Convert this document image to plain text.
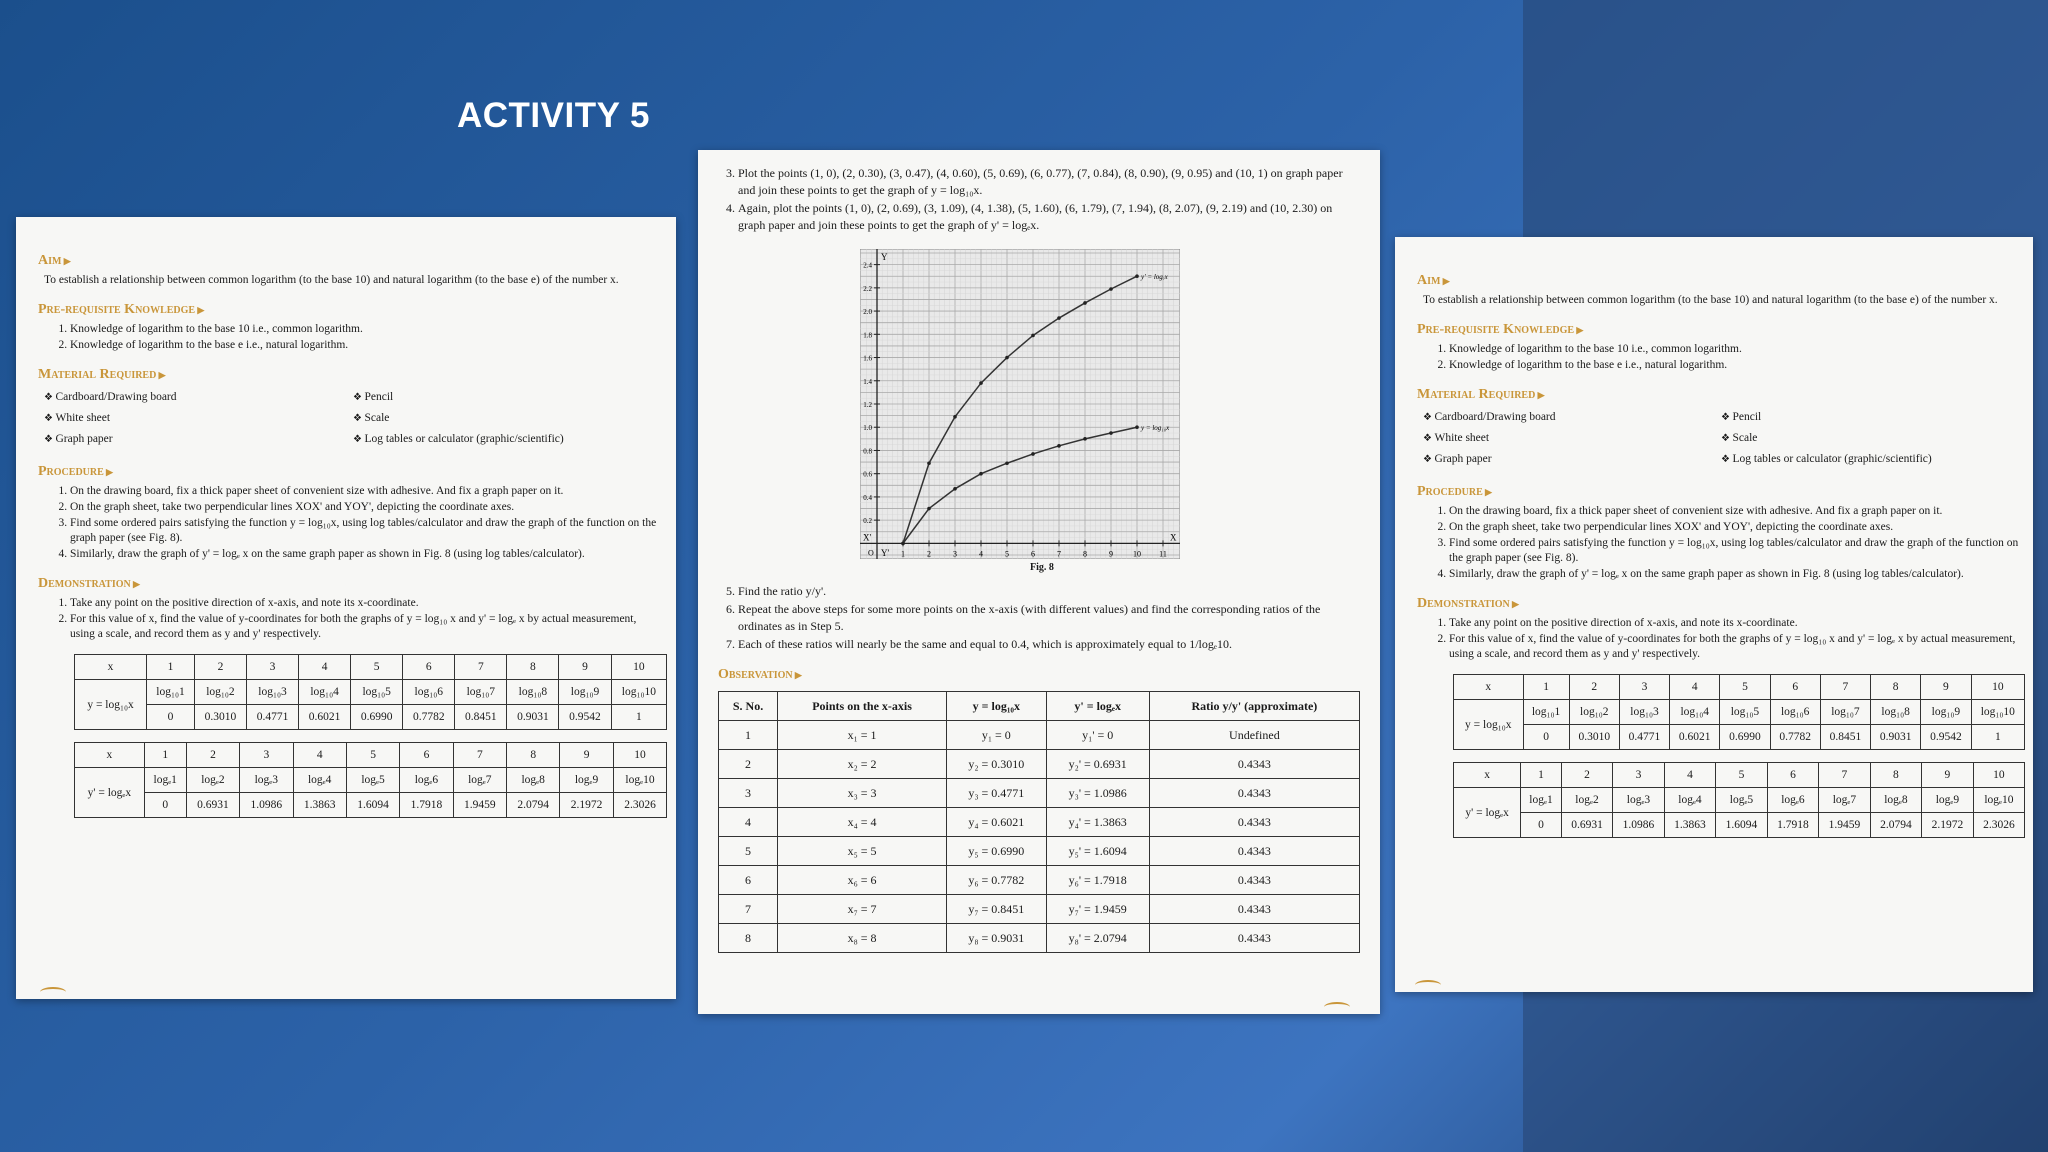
ACTIVITY 5
Aim ▶
To establish a relationship between common logarithm (to the base 10) and natural logarithm (to the base e) of the number x.
Pre-requisite Knowledge ▶
1. Knowledge of logarithm to the base 10 i.e., common logarithm.
2. Knowledge of logarithm to the base e i.e., natural logarithm.
Material Required ▶
❖ Cardboard/Drawing board	❖ Pencil
❖ White sheet	❖ Scale
❖ Graph paper	❖ Log tables or calculator (graphic/scientific)
Procedure ▶
1. On the drawing board, fix a thick paper sheet of convenient size with adhesive. And fix a graph paper on it.
2. On the graph sheet, take two perpendicular lines XOX' and YOY', depicting the coordinate axes.
3. Find some ordered pairs satisfying the function y = log₁₀x, using log tables/calculator and draw the graph of the function on the graph paper (see Fig. 8).
4. Similarly, draw the graph of y' = logₑ x on the same graph paper as shown in Fig. 8 (using log tables/calculator).
Demonstration ▶
1. Take any point on the positive direction of x-axis, and note its x-coordinate.
2. For this value of x, find the value of y-coordinates for both the graphs of y = log₁₀ x and y' = logₑ x by actual measurement, using a scale, and record them as y and y' respectively.
x	1	2	3	4	5	6	7	8	9	10
y = log₁₀x	log₁₀1	log₁₀2	log₁₀3	log₁₀4	log₁₀5	log₁₀6	log₁₀7	log₁₀8	log₁₀9	log₁₀10
	0	0.3010	0.4771	0.6021	0.6990	0.7782	0.8451	0.9031	0.9542	1
x	1	2	3	4	5	6	7	8	9	10
y' = logₑx	logₑ1	logₑ2	logₑ3	logₑ4	logₑ5	logₑ6	logₑ7	logₑ8	logₑ9	logₑ10
	0	0.6931	1.0986	1.3863	1.6094	1.7918	1.9459	2.0794	2.1972	2.3026
3. Plot the points (1, 0), (2, 0.30), (3, 0.47), (4, 0.60), (5, 0.69), (6, 0.77), (7, 0.84), (8, 0.90), (9, 0.95) and (10, 1) on graph paper and join these points to get the graph of y = log₁₀x.
4. Again, plot the points (1, 0), (2, 0.69), (3, 1.09), (4, 1.38), (5, 1.60), (6, 1.79), (7, 1.94), (8, 2.07), (9, 2.19) and (10, 2.30) on graph paper and join these points to get the graph of y' = logₑx.
1	2	3	4	5	6	7	8	9	10 11
0.2
0.4
0.6
0.8
1.0
1.2
1.4
1.6
1.8
2.0
2.2
2.4
X
X'
Y
Y'
O
y = log₁₀x
y' = logₑx
Fig. 8
5. Find the ratio y/y'.
6. Repeat the above steps for some more points on the x-axis (with different values) and find the corresponding ratios of the ordinates as in Step 5.
7. Each of these ratios will nearly be the same and equal to 0.4, which is approximately equal to 1/logₑ10.
Observation ▶
S. No.	Points on the x-axis	y = log₁₀x	y' = logₑx	Ratio y/y' (approximate)
1	x₁ = 1	y₁ = 0	y₁' = 0	Undefined
2	x₂ = 2	y₂ = 0.3010	y₂' = 0.6931	0.4343
3	x₃ = 3	y₃ = 0.4771	y₃' = 1.0986	0.4343
4	x₄ = 4	y₄ = 0.6021	y₄' = 1.3863	0.4343
5	x₅ = 5	y₅ = 0.6990	y₅' = 1.6094	0.4343
6	x₆ = 6	y₆ = 0.7782	y₆' = 1.7918	0.4343
7	x₇ = 7	y₇ = 0.8451	y₇' = 1.9459	0.4343
8	x₈ = 8	y₈ = 0.9031	y₈' = 2.0794	0.4343
Aim ▶
To establish a relationship between common logarithm (to the base 10) and natural logarithm (to the base e) of the number x.
Pre-requisite Knowledge ▶
1. Knowledge of logarithm to the base 10 i.e., common logarithm.
2. Knowledge of logarithm to the base e i.e., natural logarithm.
Material Required ▶
❖ Cardboard/Drawing board	❖ Pencil
❖ White sheet	❖ Scale
❖ Graph paper	❖ Log tables or calculator (graphic/scientific)
Procedure ▶
1. On the drawing board, fix a thick paper sheet of convenient size with adhesive. And fix a graph paper on it.
2. On the graph sheet, take two perpendicular lines XOX' and YOY', depicting the coordinate axes.
3. Find some ordered pairs satisfying the function y = log₁₀x, using log tables/calculator and draw the graph of the function on the graph paper (see Fig. 8).
4. Similarly, draw the graph of y' = logₑ x on the same graph paper as shown in Fig. 8 (using log tables/calculator).
Demonstration ▶
1. Take any point on the positive direction of x-axis, and note its x-coordinate.
2. For this value of x, find the value of y-coordinates for both the graphs of y = log₁₀ x and y' = logₑ x by actual measurement, using a scale, and record them as y and y' respectively.
x	1	2	3	4	5	6	7	8	9	10
y = log₁₀x	log₁₀1	log₁₀2	log₁₀3	log₁₀4	log₁₀5	log₁₀6	log₁₀7	log₁₀8	log₁₀9	log₁₀10
	0	0.3010	0.4771	0.6021	0.6990	0.7782	0.8451	0.9031	0.9542	1
x	1	2	3	4	5	6	7	8	9	10
y' = logₑx	logₑ1	logₑ2	logₑ3	logₑ4	logₑ5	logₑ6	logₑ7	logₑ8	logₑ9	logₑ10
	0	0.6931	1.0986	1.3863	1.6094	1.7918	1.9459	2.0794	2.1972	2.3026
